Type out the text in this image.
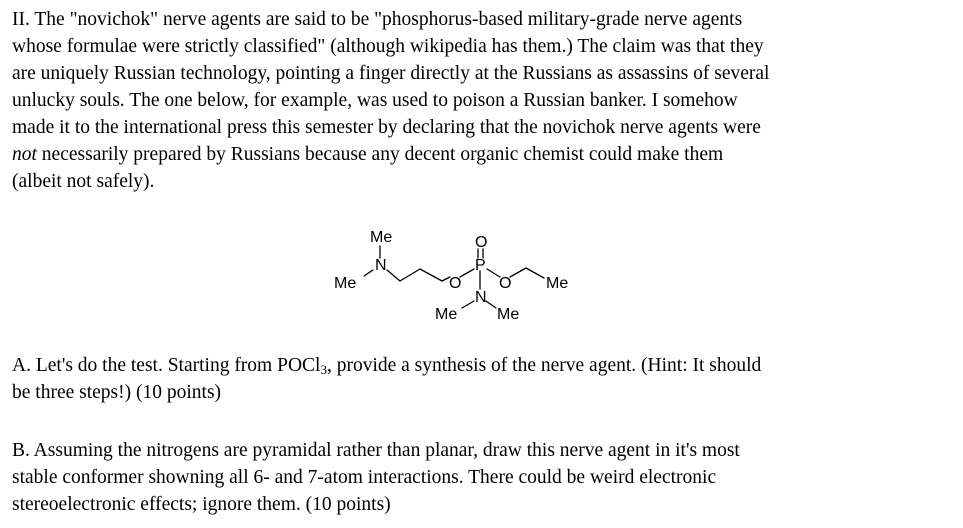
II. The "novichok" nerve agents are said to be "phosphorus-based military-grade nerve agents
whose formulae were strictly classified" (although wikipedia has them.) The claim was that they
are uniquely Russian technology, pointing a finger directly at the Russians as assassins of several
unlucky souls. The one below, for example, was used to poison a Russian banker. I somehow
made it to the international press this semester by declaring that the novichok nerve agents were
not necessarily prepared by Russians because any decent organic chemist could make them
(albeit not safely).
Me
N
Me	O
O
P
O Me
N
Me Me
A. Let's do the test. Starting from POCl$_3$, provide a synthesis of the nerve agent. (Hint: It should
be three steps!) (10 points)
B. Assuming the nitrogens are pyramidal rather than planar, draw this nerve agent in it's most
stable conformer showning all 6- and 7-atom interactions. There could be weird electronic
stereoelectronic effects; ignore them. (10 points)
